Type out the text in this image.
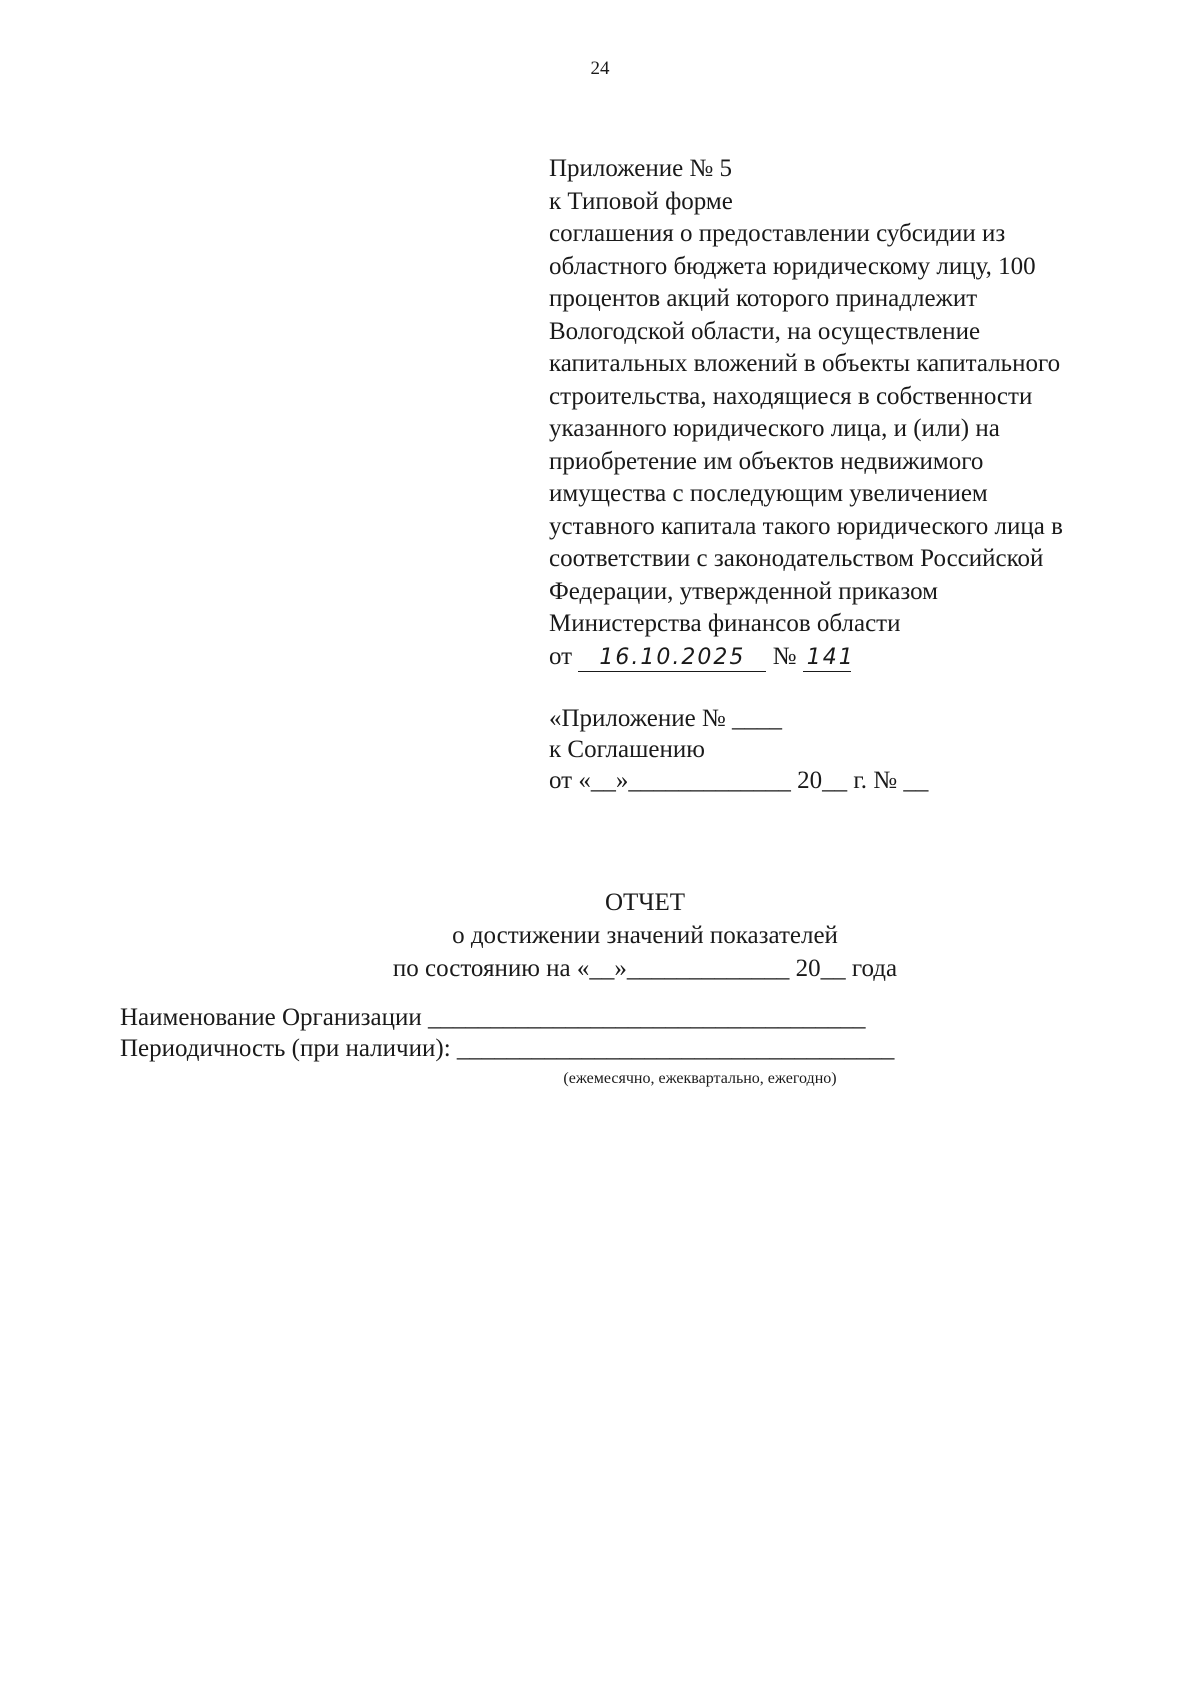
24
Приложение № 5
к Типовой форме
соглашения о предоставлении субсидии из
областного бюджета юридическому лицу, 100
процентов акций которого принадлежит
Вологодской области, на осуществление
капитальных вложений в объекты капитального
строительства, находящиеся в собственности
указанного юридического лица, и (или) на
приобретение им объектов недвижимого
имущества с последующим увеличением
уставного капитала такого юридического лица в
соответствии с законодательством Российской
Федерации, утвержденной приказом
Министерства финансов области
от 16.10.2025 № 141
«Приложение № ____
к Соглашению
от «__»_____________ 20__ г. № __
ОТЧЕТ
о достижении значений показателей
по состоянию на «__»_____________ 20__ года
Наименование Организации ___________________________________
Периодичность (при наличии): ___________________________________
(ежемесячно, ежеквартально, ежегодно)
